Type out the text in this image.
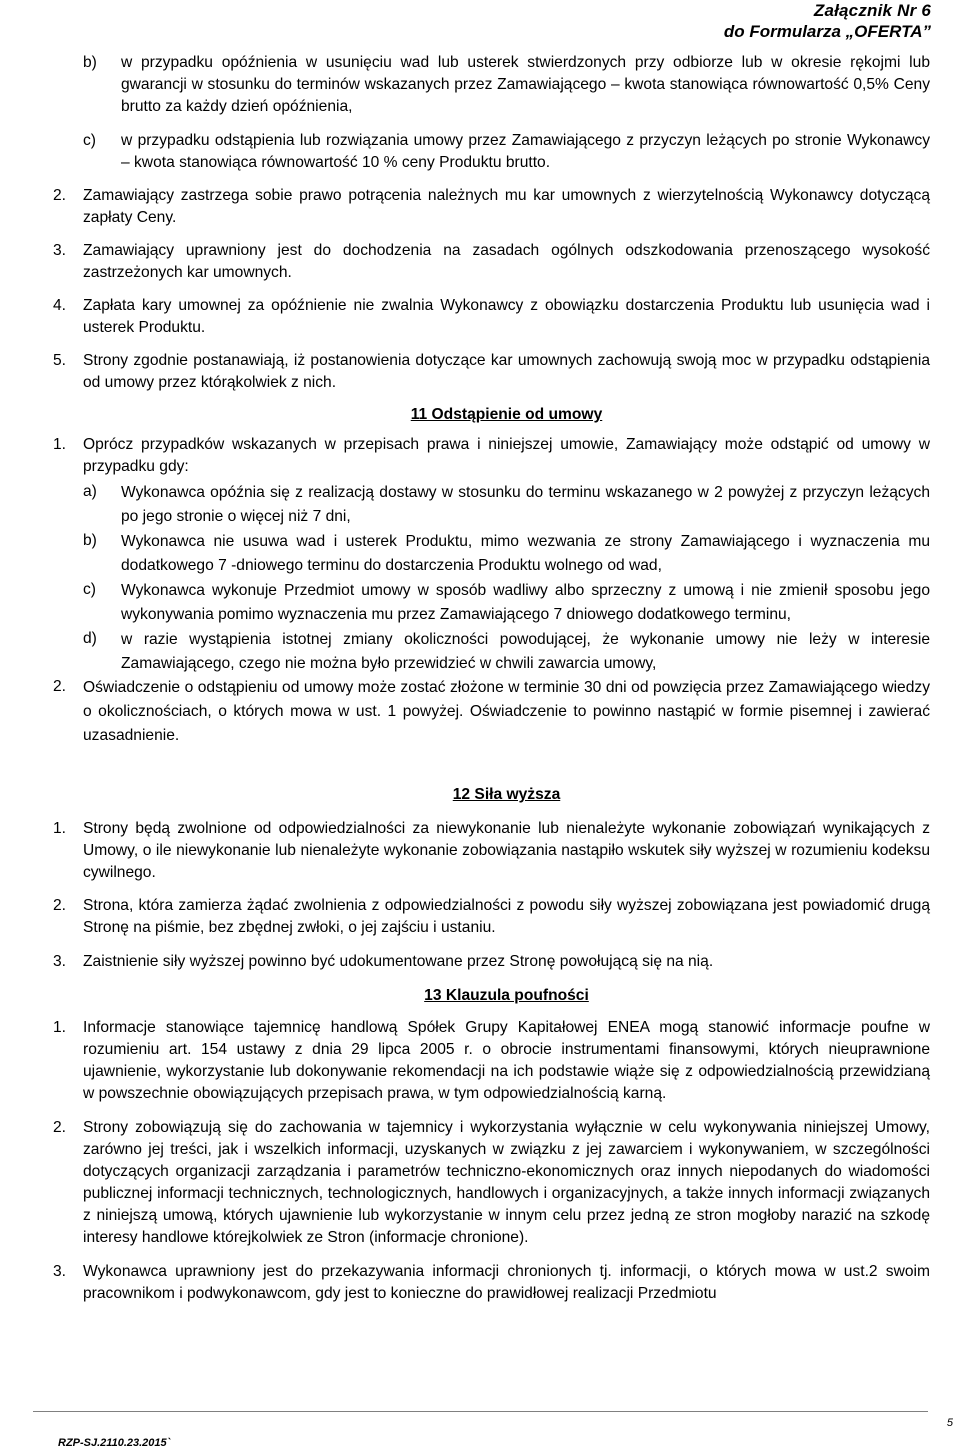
Załącznik Nr 6
do Formularza „OFERTA”
b) w przypadku opóźnienia w usunięciu wad lub usterek stwierdzonych przy odbiorze lub w okresie rękojmi lub gwarancji w stosunku do terminów wskazanych przez Zamawiającego – kwota stanowiąca równowartość 0,5% Ceny brutto za każdy dzień opóźnienia,

c) w przypadku odstąpienia lub rozwiązania umowy przez Zamawiającego z przyczyn leżących po stronie Wykonawcy – kwota stanowiąca równowartość 10 % ceny Produktu brutto.

2. Zamawiający zastrzega sobie prawo potrącenia należnych mu kar umownych z wierzytelnością Wykonawcy dotyczącą zapłaty Ceny.

3. Zamawiający uprawniony jest do dochodzenia na zasadach ogólnych odszkodowania przenoszącego wysokość zastrzeżonych kar umownych.

4. Zapłata kary umownej za opóźnienie nie zwalnia Wykonawcy z obowiązku dostarczenia Produktu lub usunięcia wad i usterek Produktu.

5. Strony zgodnie postanawiają, iż postanowienia dotyczące kar umownych zachowują swoją moc w przypadku odstąpienia od umowy przez którąkolwiek z nich.

11 Odstąpienie od umowy

1. Oprócz przypadków wskazanych w przepisach prawa i niniejszej umowie, Zamawiający może odstąpić od umowy w przypadku gdy:

a) Wykonawca opóźnia się z realizacją dostawy w stosunku do terminu wskazanego w 2 powyżej z przyczyn leżących po jego stronie o więcej niż 7 dni,

b) Wykonawca nie usuwa wad i usterek Produktu, mimo wezwania ze strony Zamawiającego i wyznaczenia mu dodatkowego 7 -dniowego terminu do dostarczenia Produktu wolnego od wad,

c) Wykonawca wykonuje Przedmiot umowy w sposób wadliwy albo sprzeczny z umową i nie zmienił sposobu jego wykonywania pomimo wyznaczenia mu przez Zamawiającego 7 dniowego dodatkowego terminu,

d) w razie wystąpienia istotnej zmiany okoliczności powodującej, że wykonanie umowy nie leży w interesie Zamawiającego, czego nie można było przewidzieć w chwili zawarcia umowy,

2. Oświadczenie o odstąpieniu od umowy może zostać złożone w terminie 30 dni od powzięcia przez Zamawiającego wiedzy o okolicznościach, o których mowa w ust. 1 powyżej. Oświadczenie to powinno nastąpić w formie pisemnej i zawierać uzasadnienie.

12 Siła wyższa

1. Strony będą zwolnione od odpowiedzialności za niewykonanie lub nienależyte wykonanie zobowiązań wynikających z Umowy, o ile niewykonanie lub nienależyte wykonanie zobowiązania nastąpiło wskutek siły wyższej w rozumieniu kodeksu cywilnego.

2. Strona, która zamierza żądać zwolnienia z odpowiedzialności z powodu siły wyższej zobowiązana jest powiadomić drugą Stronę na piśmie, bez zbędnej zwłoki, o jej zajściu i ustaniu.

3. Zaistnienie siły wyższej powinno być udokumentowane przez Stronę powołującą się na nią.

13 Klauzula poufności

1. Informacje stanowiące tajemnicę handlową Spółek Grupy Kapitałowej ENEA mogą stanowić informacje poufne w rozumieniu art. 154 ustawy z dnia 29 lipca 2005 r. o obrocie instrumentami finansowymi, których nieuprawnione ujawnienie, wykorzystanie lub dokonywanie rekomendacji na ich podstawie wiąże się z odpowiedzialnością przewidzianą w powszechnie obowiązujących przepisach prawa, w tym odpowiedzialnością karną.

2. Strony zobowiązują się do zachowania w tajemnicy i wykorzystania wyłącznie w celu wykonywania niniejszej Umowy, zarówno jej treści, jak i wszelkich informacji, uzyskanych w związku z jej zawarciem i wykonywaniem, w szczególności dotyczących organizacji zarządzania i parametrów techniczno-ekonomicznych oraz innych niepodanych do wiadomości publicznej informacji technicznych, technologicznych, handlowych i organizacyjnych, a także innych informacji związanych z niniejszą umową, których ujawnienie lub wykorzystanie w innym celu przez jedną ze stron mogłoby narazić na szkodę interesy handlowe którejkolwiek ze Stron (informacje chronione).

3. Wykonawca uprawniony jest do przekazywania informacji chronionych tj. informacji, o których mowa w ust.2 swoim pracownikom i podwykonawcom, gdy jest to konieczne do prawidłowej realizacji Przedmiotu

RZP-SJ.2110.23.2015`
5
